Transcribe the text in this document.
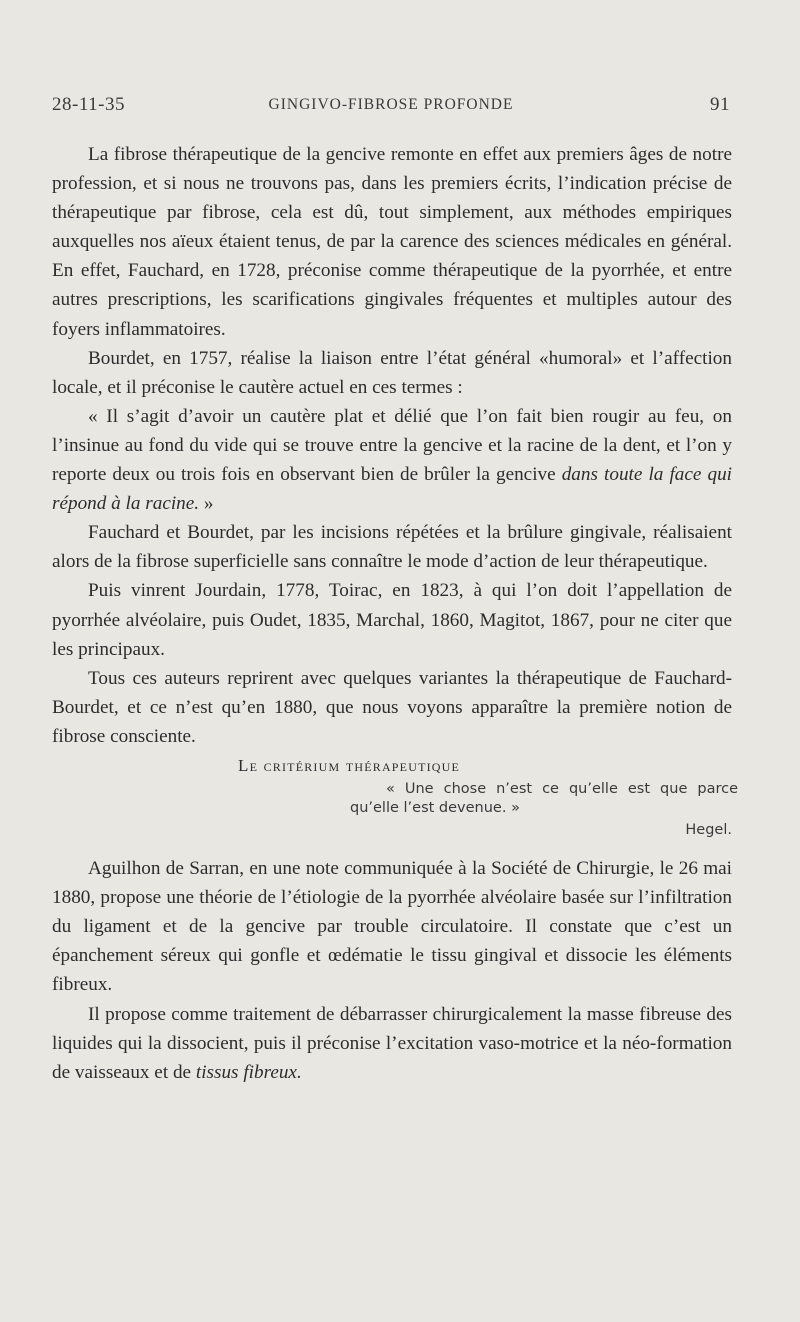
28-11-35	GINGIVO-FIBROSE PROFONDE	91

La fibrose thérapeutique de la gencive remonte en effet aux premiers âges de notre profession, et si nous ne trouvons pas, dans les premiers écrits, l’indication précise de thérapeutique par fibrose, cela est dû, tout simplement, aux méthodes empiriques auxquelles nos aïeux étaient tenus, de par la carence des sciences médicales en général. En effet, Fauchard, en 1728, préconise comme thérapeutique de la pyorrhée, et entre autres prescriptions, les scarifications gingivales fréquentes et multiples autour des foyers inflammatoires.

Bourdet, en 1757, réalise la liaison entre l’état général «humoral» et l’affection locale, et il préconise le cautère actuel en ces termes :

« Il s’agit d’avoir un cautère plat et délié que l’on fait bien rougir au feu, on l’insinue au fond du vide qui se trouve entre la gencive et la racine de la dent, et l’on y reporte deux ou trois fois en observant bien de brûler la gencive dans toute la face qui répond à la racine. »

Fauchard et Bourdet, par les incisions répétées et la brûlure gingivale, réalisaient alors de la fibrose superficielle sans connaître le mode d’action de leur thérapeutique.

Puis vinrent Jourdain, 1778, Toirac, en 1823, à qui l’on doit l’appellation de pyorrhée alvéolaire, puis Oudet, 1835, Marchal, 1860, Magitot, 1867, pour ne citer que les principaux.

Tous ces auteurs reprirent avec quelques variantes la thérapeutique de Fauchard-Bourdet, et ce n’est qu’en 1880, que nous voyons apparaître la première notion de fibrose consciente.

Le critérium thérapeutique

« Une chose n’est ce qu’elle est que parce qu’elle l’est devenue. »
Hegel.

Aguilhon de Sarran, en une note communiquée à la Société de Chirurgie, le 26 mai 1880, propose une théorie de l’étiologie de la pyorrhée alvéolaire basée sur l’infiltration du ligament et de la gencive par trouble circulatoire. Il constate que c’est un épanchement séreux qui gonfle et œdématie le tissu gingival et dissocie les éléments fibreux.

Il propose comme traitement de débarrasser chirurgicalement la masse fibreuse des liquides qui la dissocient, puis il préconise l’excitation vaso-motrice et la néo-formation de vaisseaux et de tissus fibreux.
